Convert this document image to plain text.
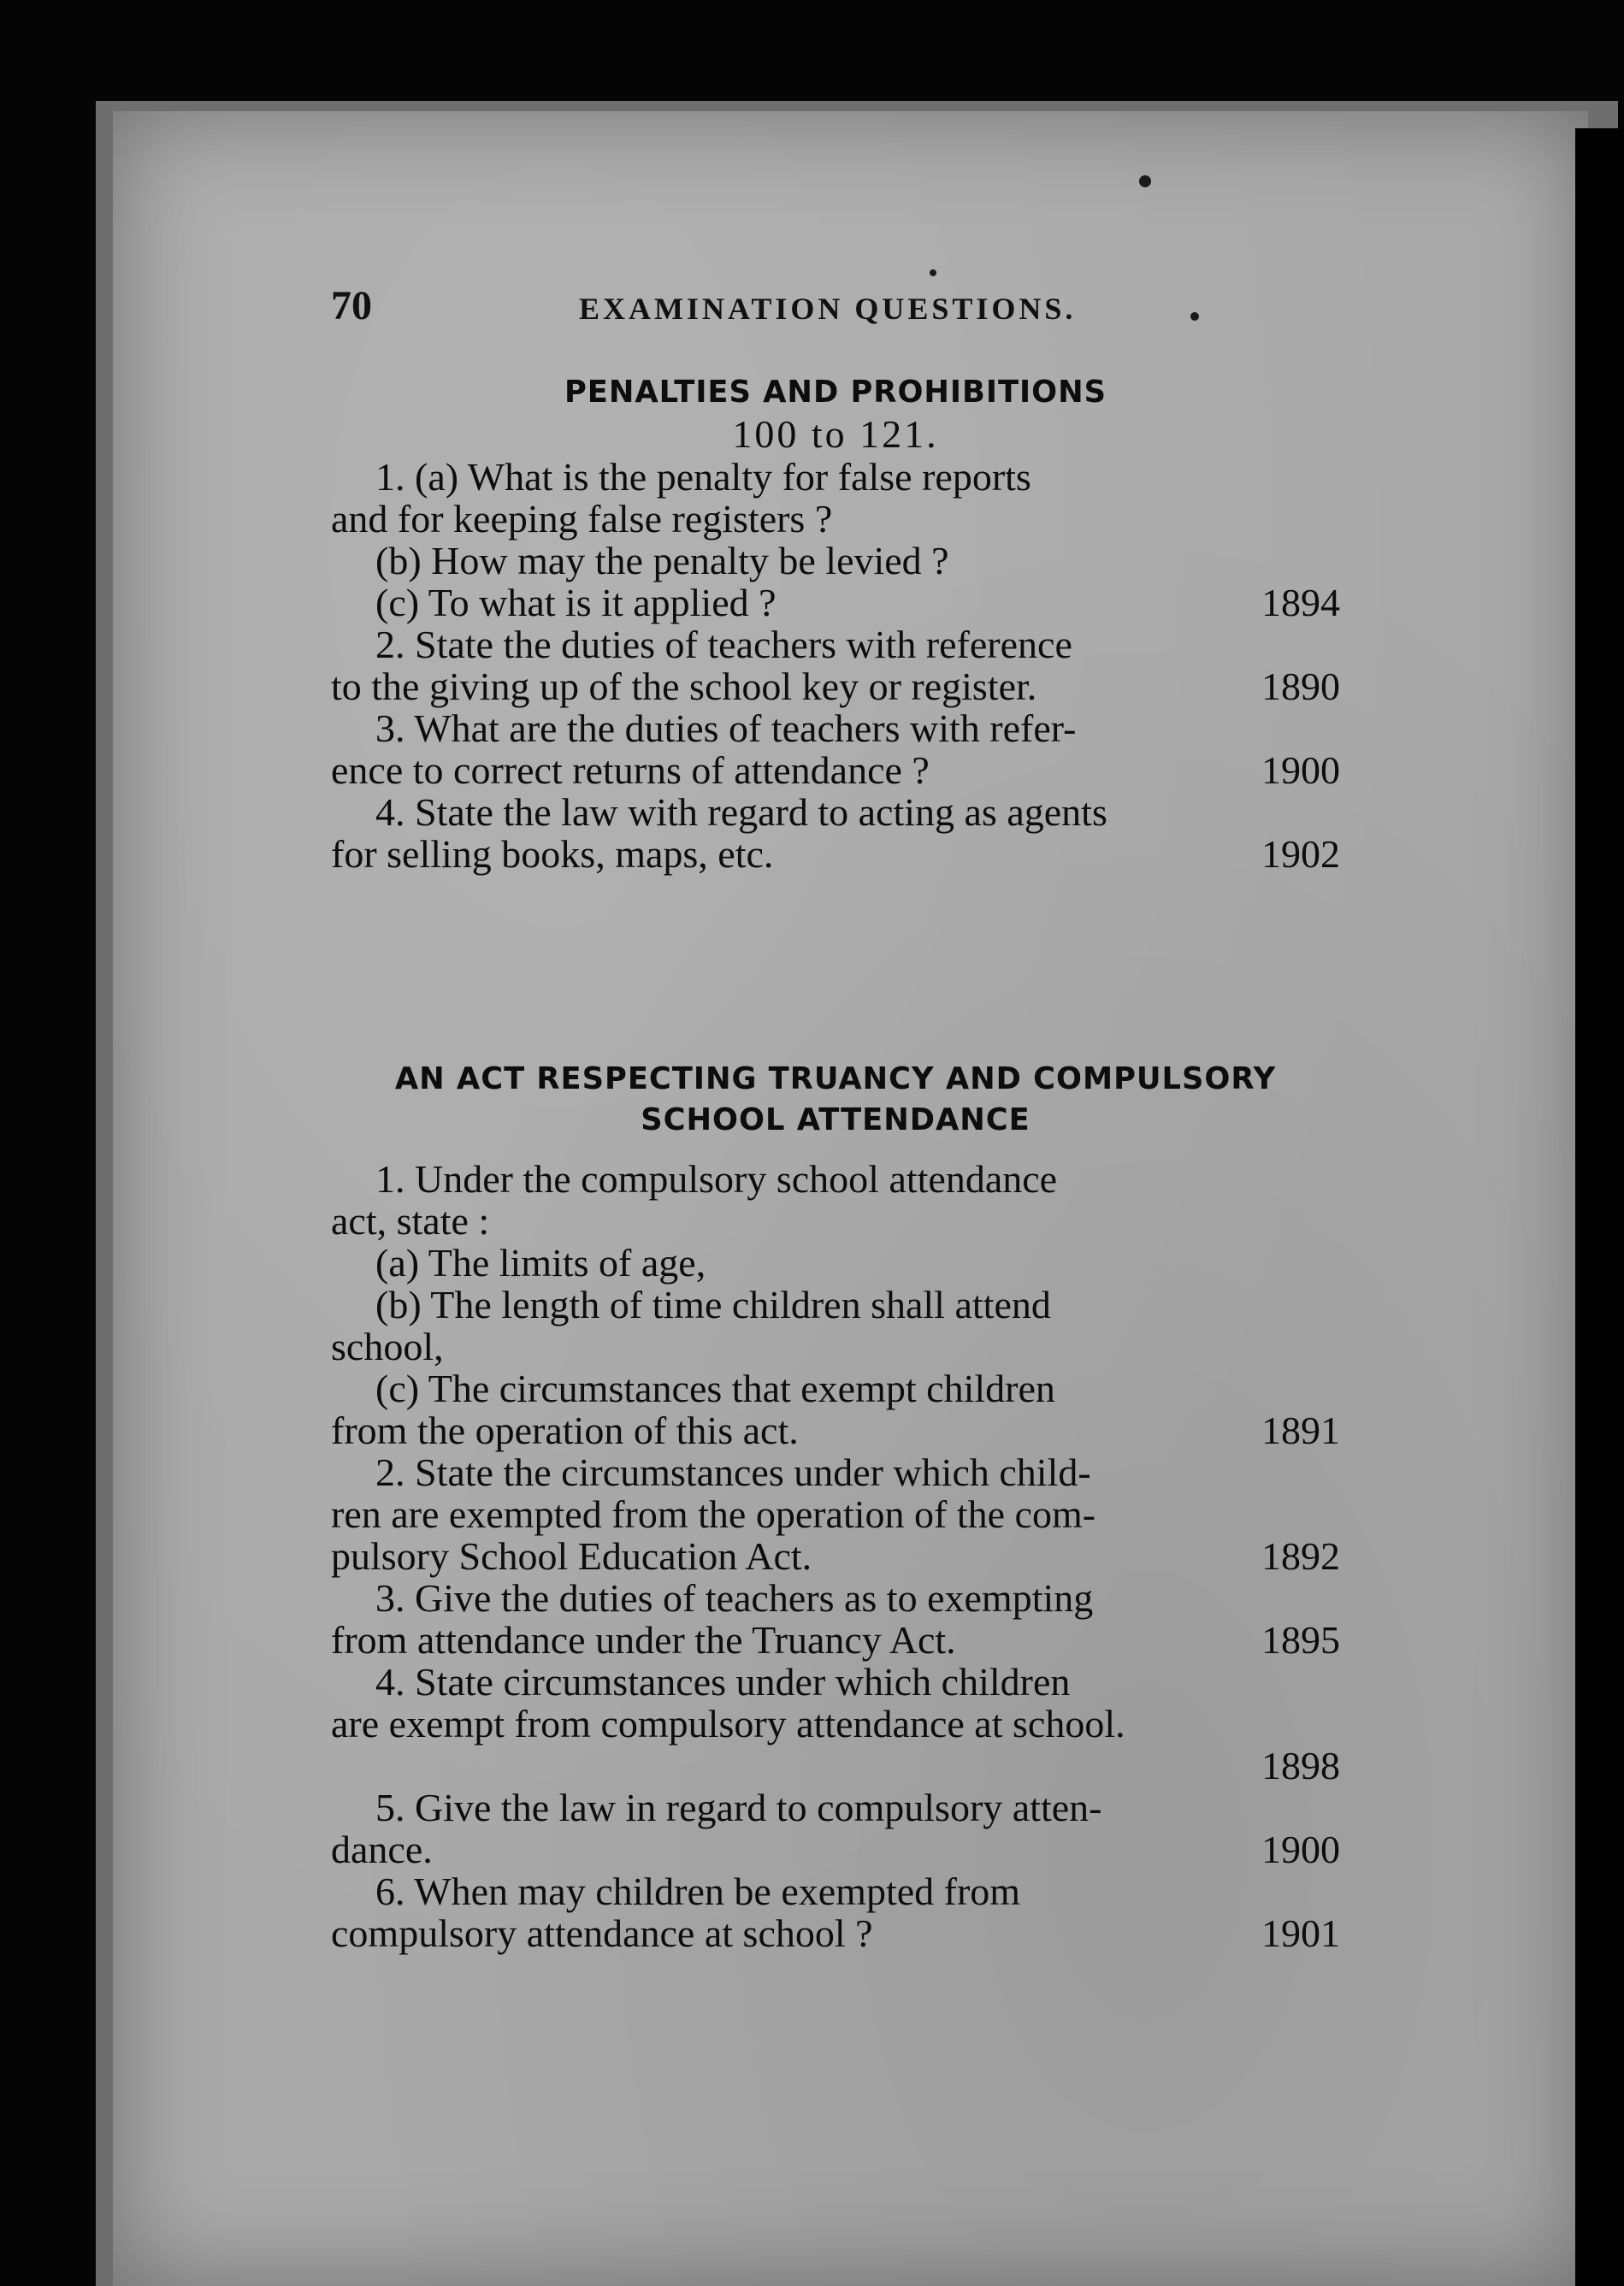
70	EXAMINATION QUESTIONS.
PENALTIES AND PROHIBITIONS
100 to 121.
1. (a) What is the penalty for false reports
and for keeping false registers ?
(b) How may the penalty be levied ?
(c) To what is it applied ?	1894
2. State the duties of teachers with reference
to the giving up of the school key or register.	1890
3. What are the duties of teachers with refer-
ence to correct returns of attendance ?	1900
4. State the law with regard to acting as agents
for selling books, maps, etc.	1902
AN ACT RESPECTING TRUANCY AND COMPULSORY
SCHOOL ATTENDANCE
1. Under the compulsory school attendance
act, state :
(a) The limits of age,
(b) The length of time children shall attend
school,
(c) The circumstances that exempt children
from the operation of this act.	1891
2. State the circumstances under which child-
ren are exempted from the operation of the com-
pulsory School Education Act.	1892
3. Give the duties of teachers as to exempting
from attendance under the Truancy Act.	1895
4. State circumstances under which children
are exempt from compulsory attendance at school.
1898
5. Give the law in regard to compulsory atten-
dance.	1900
6. When may children be exempted from
compulsory attendance at school ?	1901
